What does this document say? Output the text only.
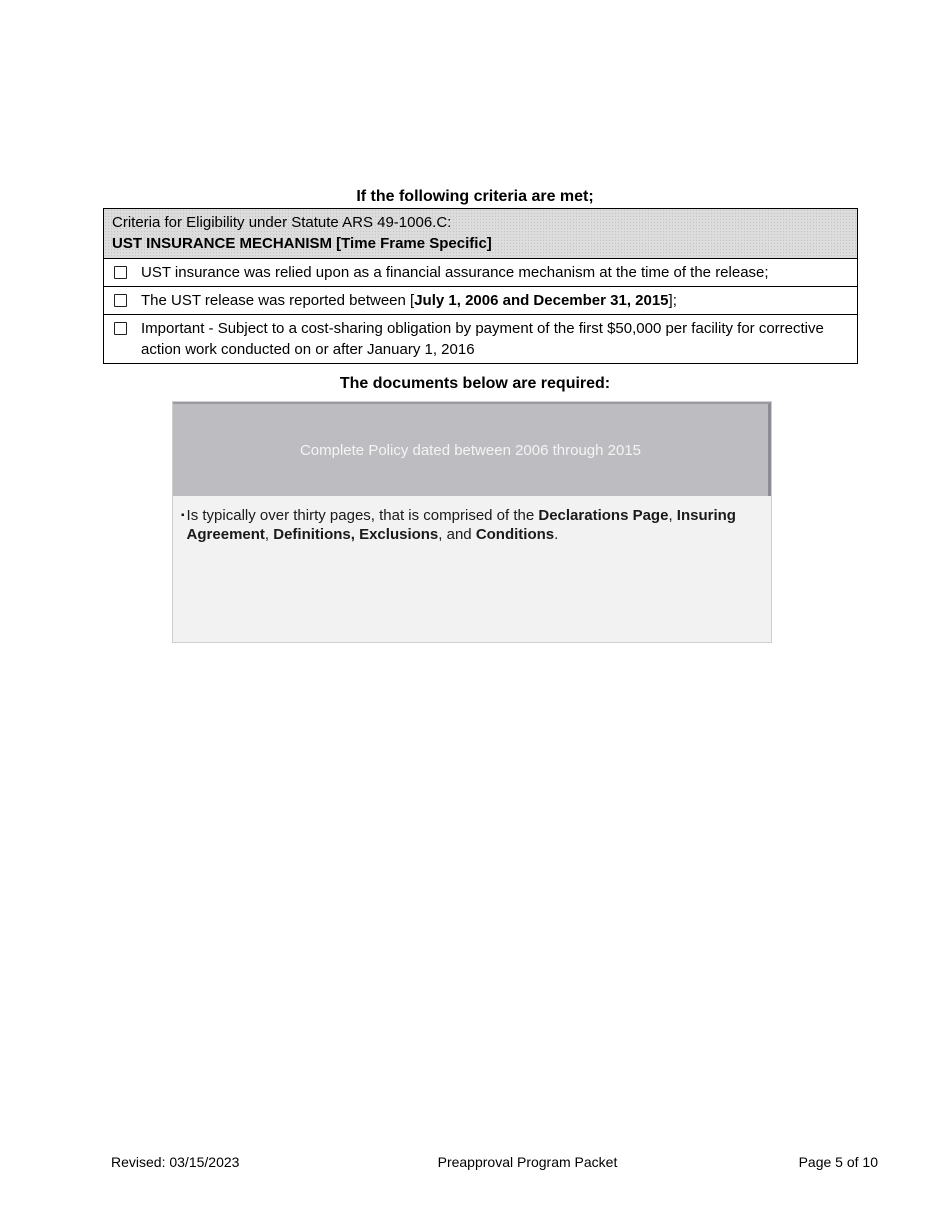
If the following criteria are met;
Criteria for Eligibility under Statute ARS 49-1006.C:
UST INSURANCE MECHANISM [Time Frame Specific]
UST insurance was relied upon as a financial assurance mechanism at the time of the release;
The UST release was reported between [July 1, 2006 and December 31, 2015];
Important - Subject to a cost-sharing obligation by payment of the first $50,000 per facility for corrective action work conducted on or after January 1, 2016
The documents below are required:
Complete Policy dated between 2006 through 2015
▪ Is typically over thirty pages, that is comprised of the Declarations Page, Insuring Agreement, Definitions, Exclusions, and Conditions.
Revised: 03/15/2023	Preapproval Program Packet	Page 5 of 10
